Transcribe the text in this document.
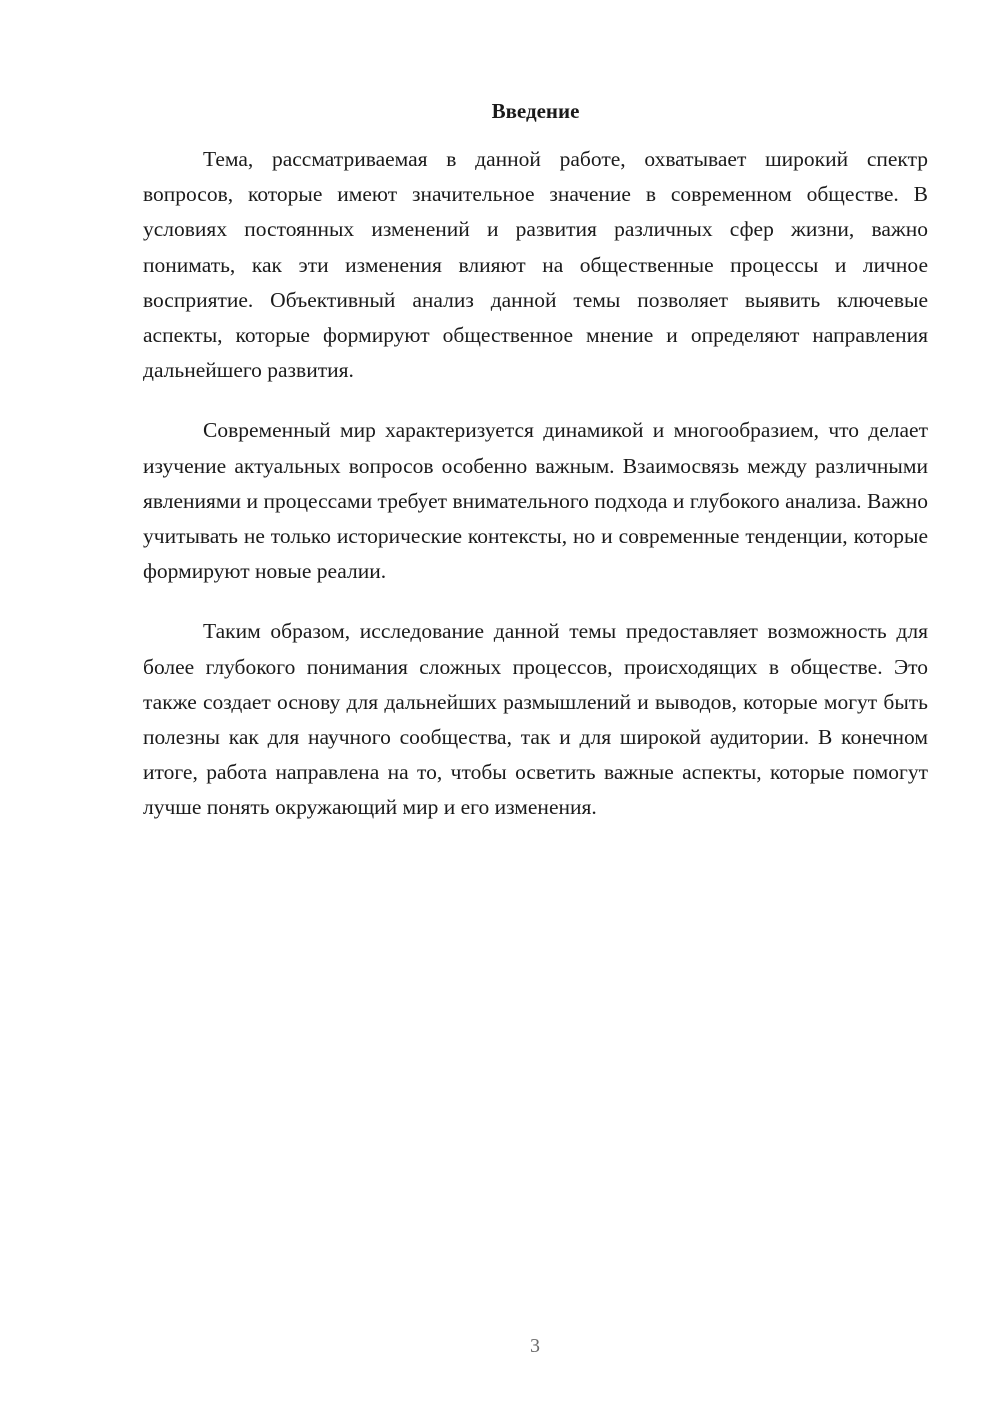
Введение

Тема, рассматриваемая в данной работе, охватывает широкий спектр вопросов, которые имеют значительное значение в современном обществе. В условиях постоянных изменений и развития различных сфер жизни, важно понимать, как эти изменения влияют на общественные процессы и личное восприятие. Объективный анализ данной темы позволяет выявить ключевые аспекты, которые формируют общественное мнение и определяют направления дальнейшего развития.

Современный мир характеризуется динамикой и многообразием, что делает изучение актуальных вопросов особенно важным. Взаимосвязь между различными явлениями и процессами требует внимательного подхода и глубокого анализа. Важно учитывать не только исторические контексты, но и современные тенденции, которые формируют новые реалии.

Таким образом, исследование данной темы предоставляет возможность для более глубокого понимания сложных процессов, происходящих в обществе. Это также создает основу для дальнейших размышлений и выводов, которые могут быть полезны как для научного сообщества, так и для широкой аудитории. В конечном итоге, работа направлена на то, чтобы осветить важные аспекты, которые помогут лучше понять окружающий мир и его изменения.

3
